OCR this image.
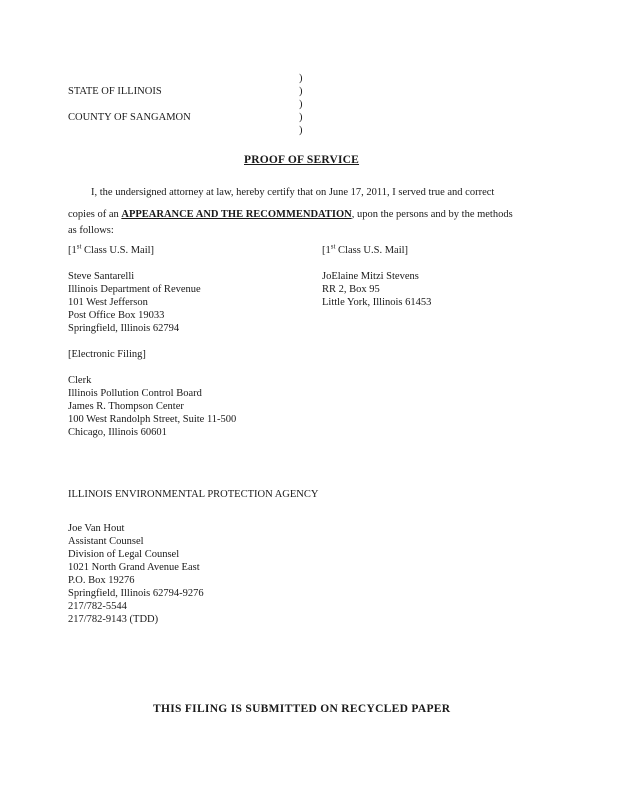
)
)
)
)
)
STATE OF ILLINOIS
COUNTY OF SANGAMON
PROOF OF SERVICE
I, the undersigned attorney at law, hereby certify that on June 17, 2011, I served true and correct
copies of an APPEARANCE AND THE RECOMMENDATION, upon the persons and by the methods
as follows:
[1st Class U.S. Mail]
Steve Santarelli
Illinois Department of Revenue
101 West Jefferson
Post Office Box 19033
Springfield, Illinois 62794
[1st Class U.S. Mail]
JoElaine Mitzi Stevens
RR 2, Box 95
Little York, Illinois 61453
[Electronic Filing]
Clerk
Illinois Pollution Control Board
James R. Thompson Center
100 West Randolph Street, Suite 11-500
Chicago, Illinois 60601
ILLINOIS ENVIRONMENTAL PROTECTION AGENCY
Joe Van Hout
Assistant Counsel
Division of Legal Counsel
1021 North Grand Avenue East
P.O. Box 19276
Springfield, Illinois 62794-9276
217/782-5544
217/782-9143 (TDD)
THIS FILING IS SUBMITTED ON RECYCLED PAPER
